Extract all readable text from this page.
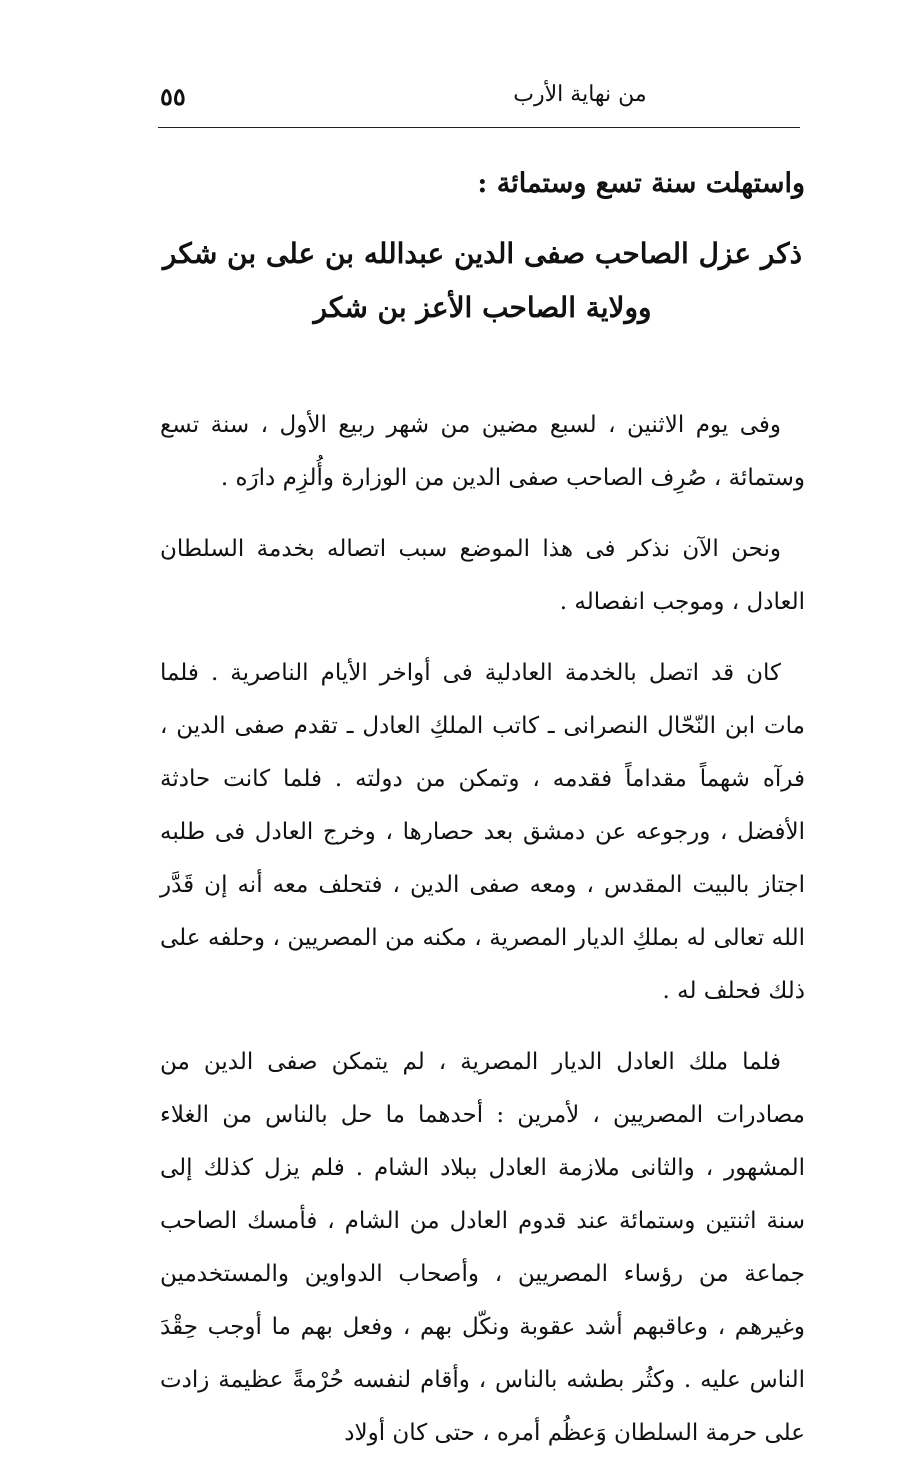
٥٥	من نهاية الأرب
واستهلت سنة تسع وستمائة :
ذكر عزل الصاحب صفى الدين عبدالله بن على بن شكر
وولاية الصاحب الأعز بن شكر

وفى يوم الاثنين ، لسبع مضين من شهر ربيع الأول ، سنة تسع وستمائة ، صُرِف الصاحب صفى الدين من الوزارة وأُلزِم دارَه .

ونحن الآن نذكر فى هذا الموضع سبب اتصاله بخدمة السلطان العادل ، وموجب انفصاله .

كان قد اتصل بالخدمة العادلية فى أواخر الأيام الناصرية . فلما مات ابن النّحّال النصرانى ـ كاتب الملكِ العادل ـ تقدم صفى الدين ، فرآه شهماً مقداماً فقدمه ، وتمكن من دولته . فلما كانت حادثة الأفضل ، ورجوعه عن دمشق بعد حصارها ، وخرج العادل فى طلبه اجتاز بالبيت المقدس ، ومعه صفى الدين ، فتحلف معه أنه إن قَدَّر الله تعالى له بملكِ الديار المصرية ، مكنه من المصريين ، وحلفه على ذلك فحلف له .

فلما ملك العادل الديار المصرية ، لم يتمكن صفى الدين من مصادرات المصريين ، لأمرين : أحدهما ما حل بالناس من الغلاء المشهور ، والثانى ملازمة العادل ببلاد الشام . فلم يزل كذلك إلى سنة اثنتين وستمائة عند قدوم العادل من الشام ، فأمسك الصاحب جماعة من رؤساء المصريين ، وأصحاب الدواوين والمستخدمين وغيرهم ، وعاقبهم أشد عقوبة ونكّل بهم ، وفعل بهم ما أوجب حِقْدَ الناس عليه . وكثُر بطشه بالناس ، وأقام لنفسه حُرْمةً عظيمة زادت على حرمة السلطان وَعظُم أمره ، حتى كان أولاد
